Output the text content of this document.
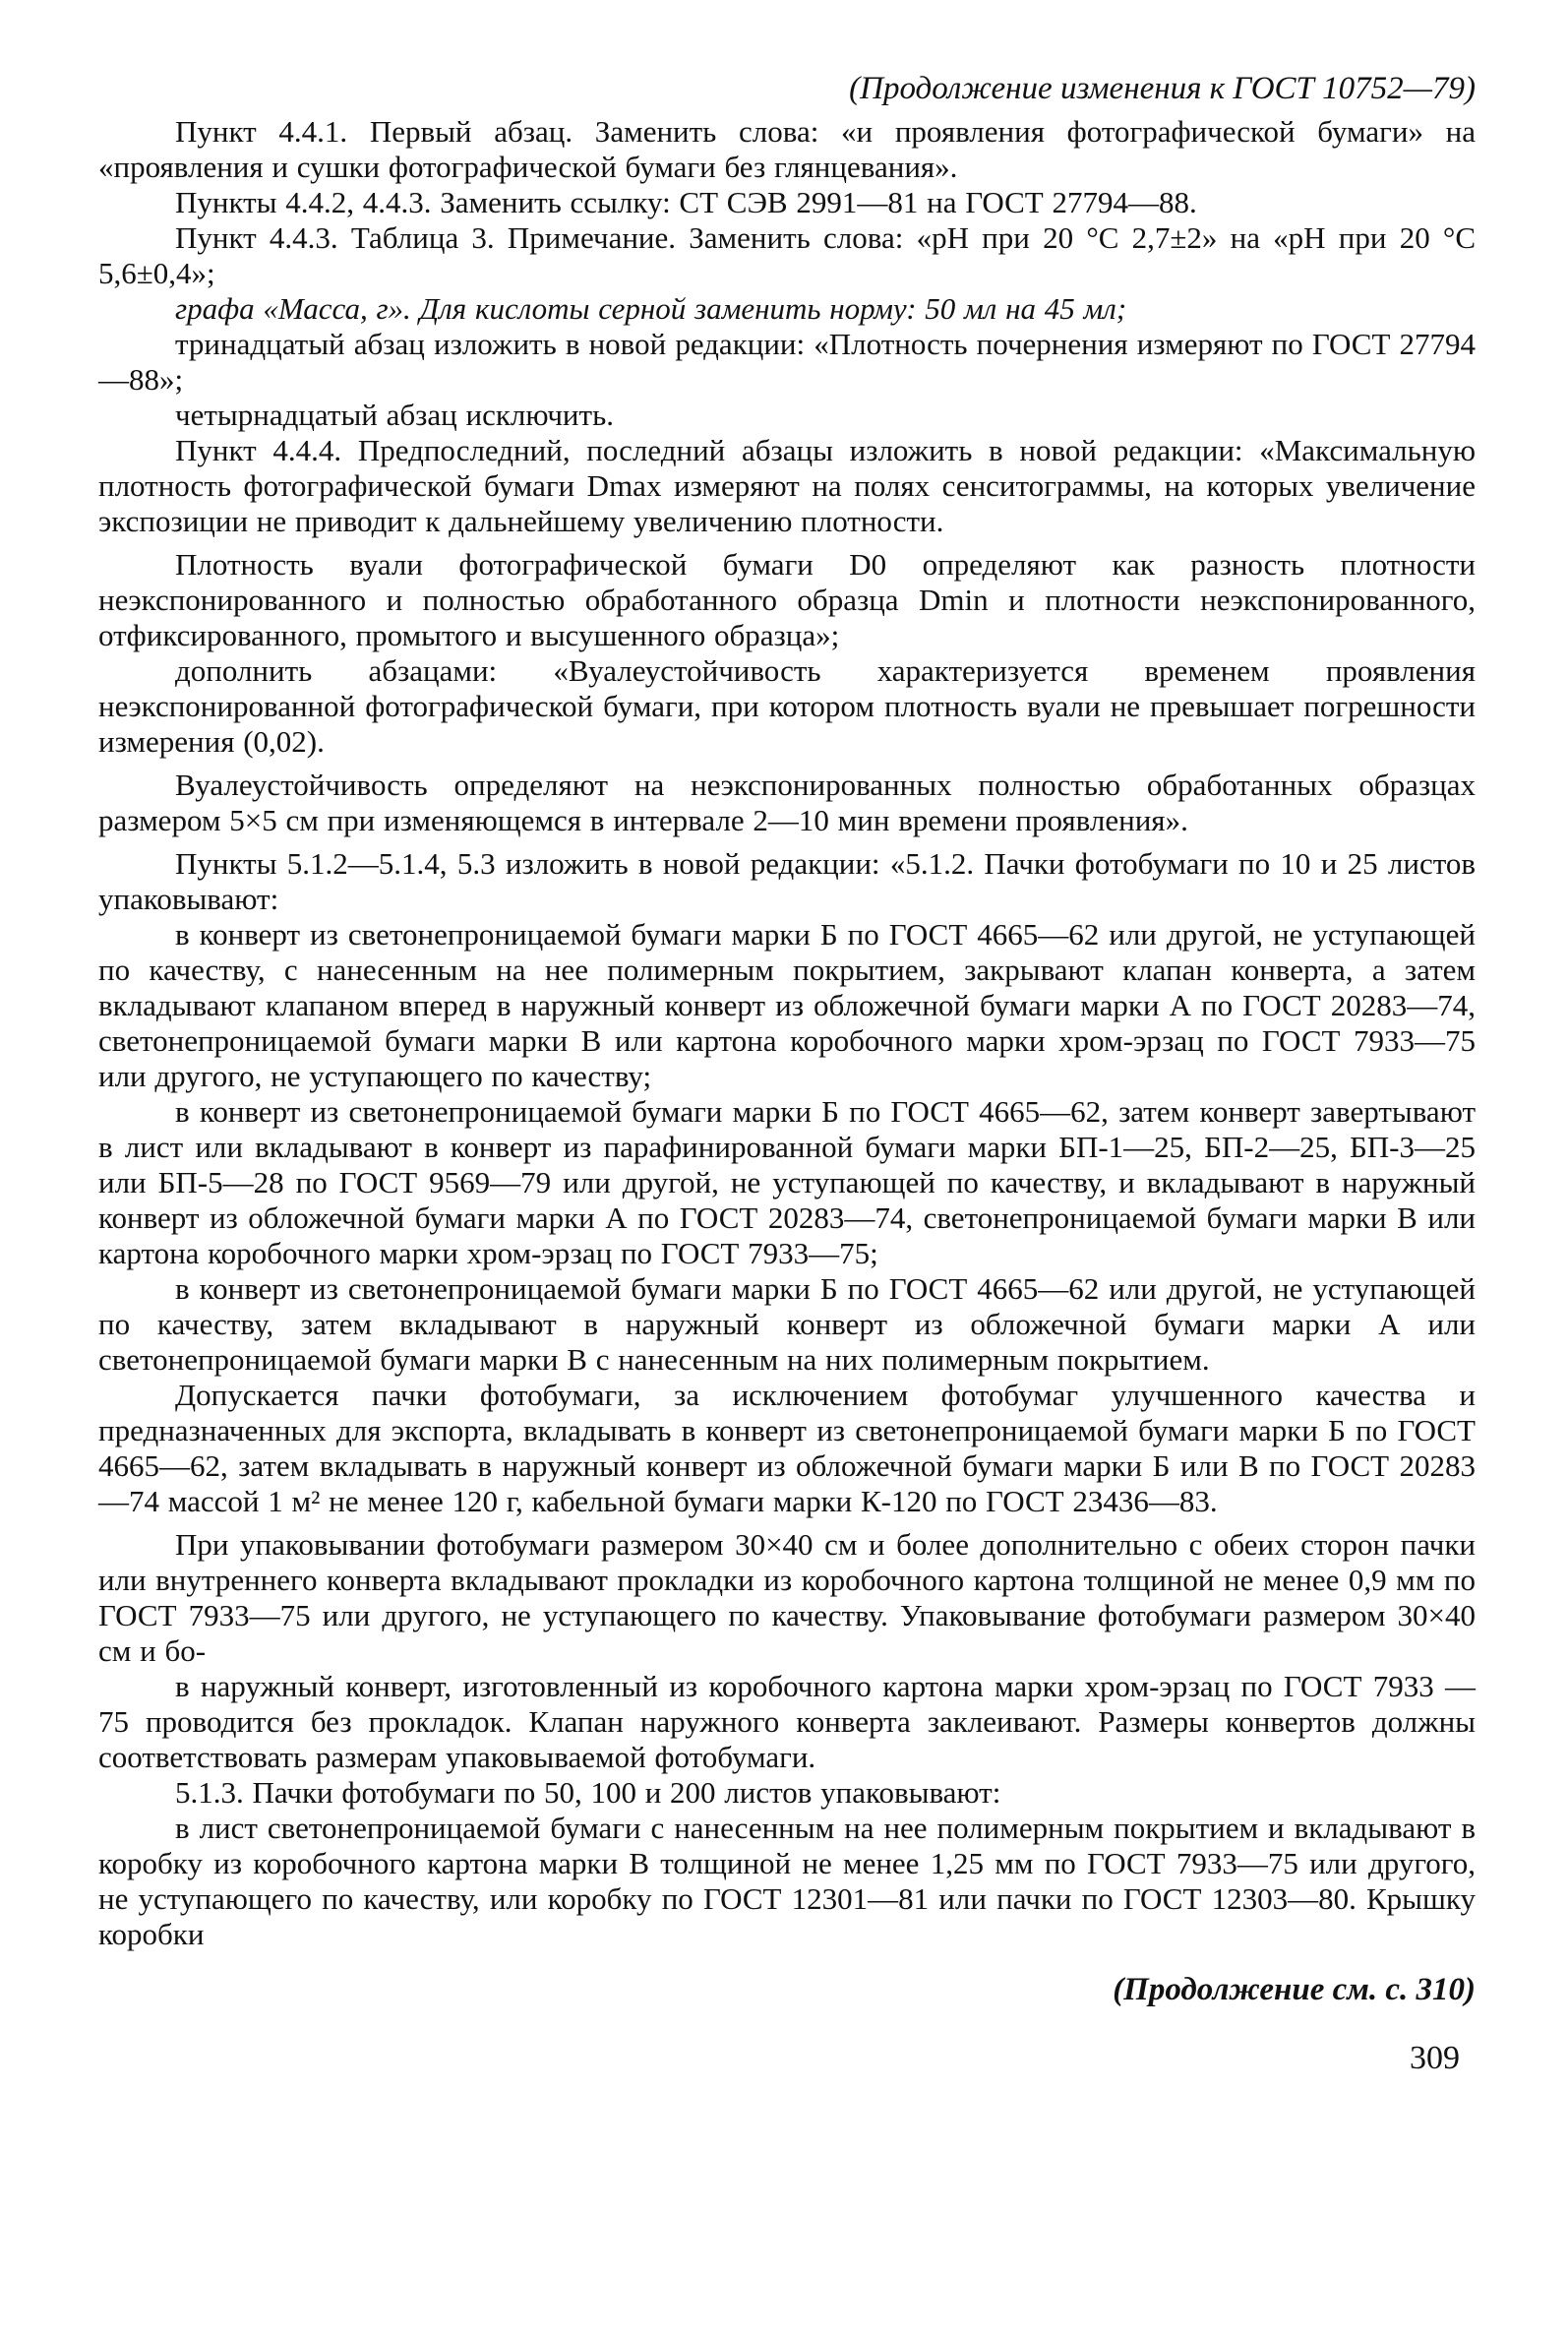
(Продолжение изменения к ГОСТ 10752—79)

Пункт 4.4.1. Первый абзац. Заменить слова: «и проявления фотографической бумаги» на «проявления и сушки фотографической бумаги без глянцевания».

Пункты 4.4.2, 4.4.3. Заменить ссылку: СТ СЭВ 2991—81 на ГОСТ 27794—88.

Пункт 4.4.3. Таблица 3. Примечание. Заменить слова: «pH при 20 °С 2,7±2» на «pH при 20 °С 5,6±0,4»;

графа «Масса, г». Для кислоты серной заменить норму: 50 мл на 45 мл;

тринадцатый абзац изложить в новой редакции: «Плотность почернения измеряют по ГОСТ 27794—88»;

четырнадцатый абзац исключить.

Пункт 4.4.4. Предпоследний, последний абзацы изложить в новой редакции: «Максимальную плотность фотографической бумаги Dmax измеряют на полях сенситограммы, на которых увеличение экспозиции не приводит к дальнейшему увеличению плотности.

Плотность вуали фотографической бумаги D0 определяют как разность плотности неэкспонированного и полностью обработанного образца Dmin и плотности неэкспонированного, отфиксированного, промытого и высушенного образца»;

дополнить абзацами: «Вуалеустойчивость характеризуется временем проявления неэкспонированной фотографической бумаги, при котором плотность вуали не превышает погрешности измерения (0,02).

Вуалеустойчивость определяют на неэкспонированных полностью обработанных образцах размером 5×5 см при изменяющемся в интервале 2—10 мин времени проявления».

Пункты 5.1.2—5.1.4, 5.3 изложить в новой редакции: «5.1.2. Пачки фотобумаги по 10 и 25 листов упаковывают:

в конверт из светонепроницаемой бумаги марки Б по ГОСТ 4665—62 или другой, не уступающей по качеству, с нанесенным на нее полимерным покрытием, закрывают клапан конверта, а затем вкладывают клапаном вперед в наружный конверт из обложечной бумаги марки А по ГОСТ 20283—74, светонепроницаемой бумаги марки В или картона коробочного марки хром-эрзац по ГОСТ 7933—75 или другого, не уступающего по качеству;

в конверт из светонепроницаемой бумаги марки Б по ГОСТ 4665—62, затем конверт завертывают в лист или вкладывают в конверт из парафинированной бумаги марки БП-1—25, БП-2—25, БП-3—25 или БП-5—28 по ГОСТ 9569—79 или другой, не уступающей по качеству, и вкладывают в наружный конверт из обложечной бумаги марки А по ГОСТ 20283—74, светонепроницаемой бумаги марки В или картона коробочного марки хром-эрзац по ГОСТ 7933—75;

в конверт из светонепроницаемой бумаги марки Б по ГОСТ 4665—62 или другой, не уступающей по качеству, затем вкладывают в наружный конверт из обложечной бумаги марки А или светонепроницаемой бумаги марки В с нанесенным на них полимерным покрытием.

Допускается пачки фотобумаги, за исключением фотобумаг улучшенного качества и предназначенных для экспорта, вкладывать в конверт из светонепроницаемой бумаги марки Б по ГОСТ 4665—62, затем вкладывать в наружный конверт из обложечной бумаги марки Б или В по ГОСТ 20283—74 массой 1 м² не менее 120 г, кабельной бумаги марки К-120 по ГОСТ 23436—83.

При упаковывании фотобумаги размером 30×40 см и более дополнительно с обеих сторон пачки или внутреннего конверта вкладывают прокладки из коробочного картона толщиной не менее 0,9 мм по ГОСТ 7933—75 или другого, не уступающего по качеству. Упаковывание фотобумаги размером 30×40 см и бо-

в наружный конверт, изготовленный из коробочного картона марки хром-эрзац по ГОСТ 7933 —75 проводится без прокладок. Клапан наружного конверта заклеивают. Размеры конвертов должны соответствовать размерам упаковываемой фотобумаги.

5.1.3. Пачки фотобумаги по 50, 100 и 200 листов упаковывают:

в лист светонепроницаемой бумаги с нанесенным на нее полимерным покрытием и вкладывают в коробку из коробочного картона марки В толщиной не менее 1,25 мм по ГОСТ 7933—75 или другого, не уступающего по качеству, или коробку по ГОСТ 12301—81 или пачки по ГОСТ 12303—80. Крышку коробки

(Продолжение см. с. 310)
309
